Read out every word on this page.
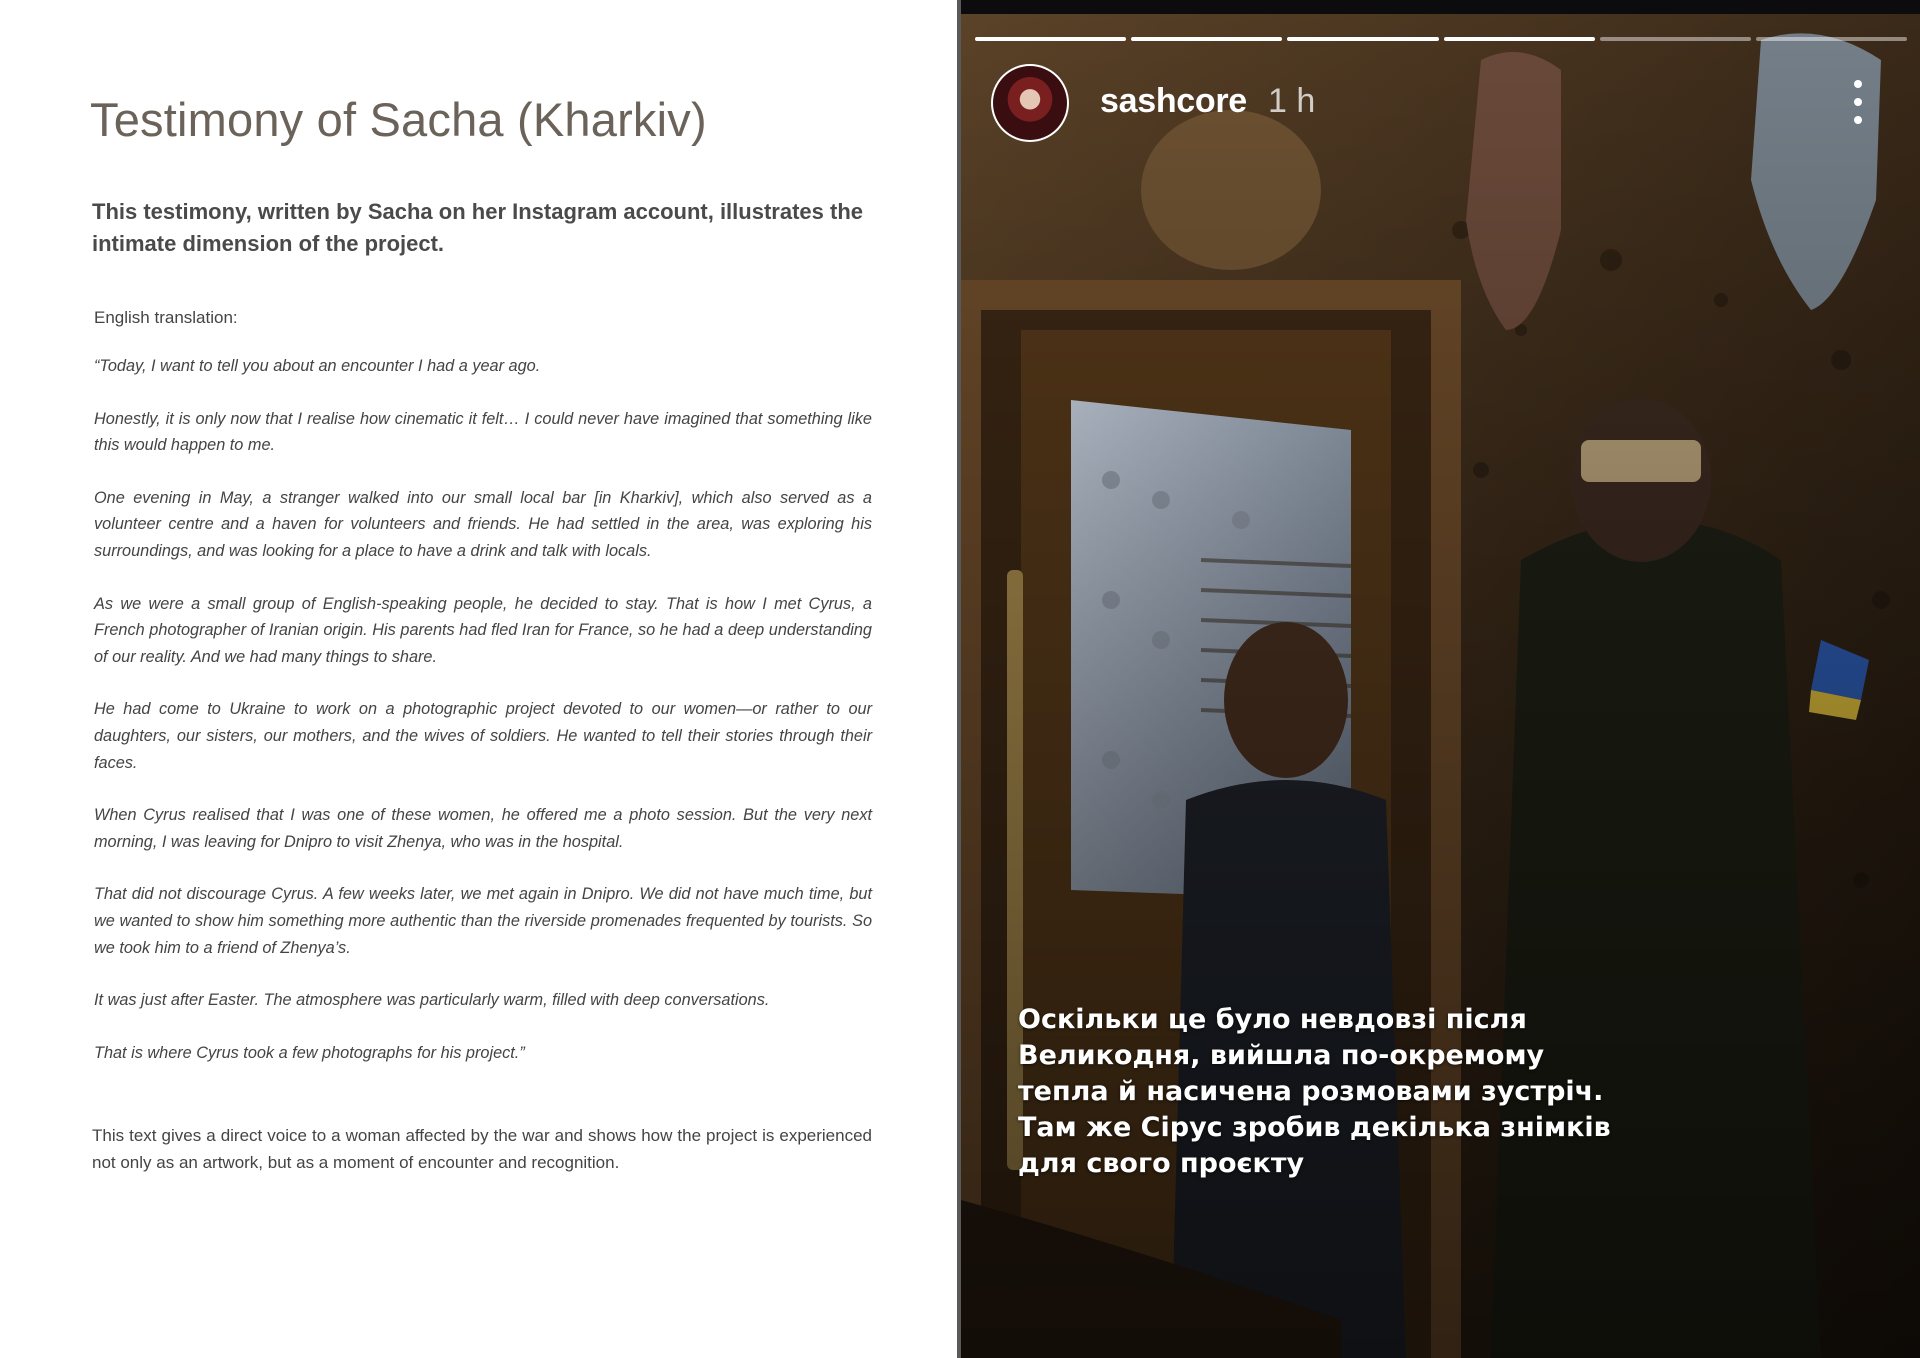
Testimony of Sacha (Kharkiv)

This testimony, written by Sacha on her Instagram account, illustrates the intimate dimension of the project.

English translation:

“Today, I want to tell you about an encounter I had a year ago.

Honestly, it is only now that I realise how cinematic it felt… I could never have imagined that something like this would happen to me.

One evening in May, a stranger walked into our small local bar [in Kharkiv], which also served as a volunteer centre and a haven for volunteers and friends. He had settled in the area, was exploring his surroundings, and was looking for a place to have a drink and talk with locals.

As we were a small group of English-speaking people, he decided to stay. That is how I met Cyrus, a French photographer of Iranian origin. His parents had fled Iran for France, so he had a deep understanding of our reality. And we had many things to share.

He had come to Ukraine to work on a photographic project devoted to our women—or rather to our daughters, our sisters, our mothers, and the wives of soldiers. He wanted to tell their stories through their faces.

When Cyrus realised that I was one of these women, he offered me a photo session. But the very next morning, I was leaving for Dnipro to visit Zhenya, who was in the hospital.

That did not discourage Cyrus. A few weeks later, we met again in Dnipro. We did not have much time, but we wanted to show him something more authentic than the riverside promenades frequented by tourists. So we took him to a friend of Zhenya’s.

It was just after Easter. The atmosphere was particularly warm, filled with deep conversations.

That is where Cyrus took a few photographs for his project.”

This text gives a direct voice to a woman affected by the war and shows how the project is experienced not only as an artwork, but as a moment of encounter and recognition.

sashcore 1 h

Оскільки це було невдовзі після
Великодня, вийшла по-окремому
тепла й насичена розмовами зустріч.
Там же Сірус зробив декілька знімків
для свого проєкту
